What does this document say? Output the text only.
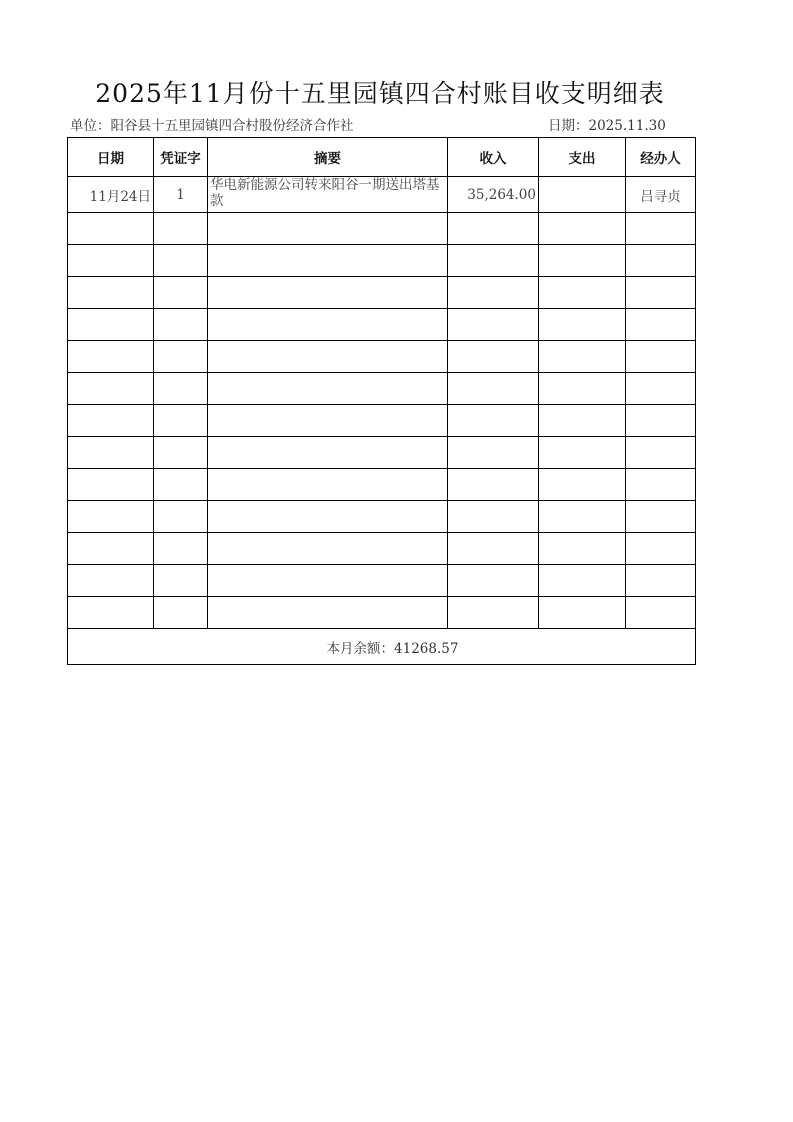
2025年11月份十五里园镇四合村账目收支明细表
单位：阳谷县十五里园镇四合村股份经济合作社	日期：2025.11.30
日期	凭证字	摘要	收入	支出	经办人
11月24日	1	华电新能源公司转来阳谷一期送出塔基款	35,264.00		吕寻贞

本月余额：41268.57					
